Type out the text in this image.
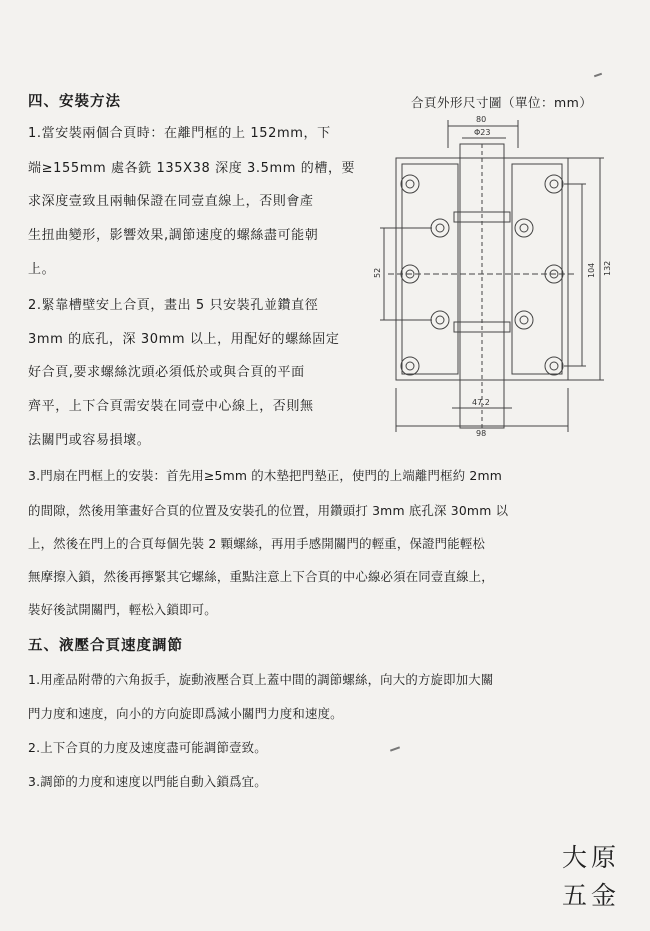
四、安裝方法
1.當安裝兩個合頁時：在離門框的上 152mm，下
端≥155mm 處各銑 135X38 深度 3.5mm 的槽，要
求深度壹致且兩軸保證在同壹直線上，否則會產
生扭曲變形，影響效果,調節速度的螺絲盡可能朝
上。
2.緊靠槽壁安上合頁，畫出 5 只安裝孔並鑽直徑
3mm 的底孔，深 30mm 以上，用配好的螺絲固定
好合頁,要求螺絲沈頭必須低於或與合頁的平面
齊平，上下合頁需安裝在同壹中心線上，否則無
法關門或容易損壞。
3.門扇在門框上的安裝：首先用≥5mm 的木墊把門墊正，使門的上端離門框約 2mm
的間隙，然後用筆畫好合頁的位置及安裝孔的位置，用鑽頭打 3mm 底孔深 30mm 以
上，然後在門上的合頁每個先裝 2 顆螺絲，再用手感開關門的輕重，保證門能輕松
無摩擦入鎖，然後再擰緊其它螺絲，重點注意上下合頁的中心線必須在同壹直線上，
裝好後試開關門，輕松入鎖即可。
五、液壓合頁速度調節
1.用產品附帶的六角扳手，旋動液壓合頁上蓋中間的調節螺絲，向大的方旋即加大關
門力度和速度，向小的方向旋即爲減小關門力度和速度。
2.上下合頁的力度及速度盡可能調節壹致。
3.調節的力度和速度以門能自動入鎖爲宜。
合頁外形尺寸圖（單位：mm）
80
Φ23
52	104 132
47.2
98
大原
五金
